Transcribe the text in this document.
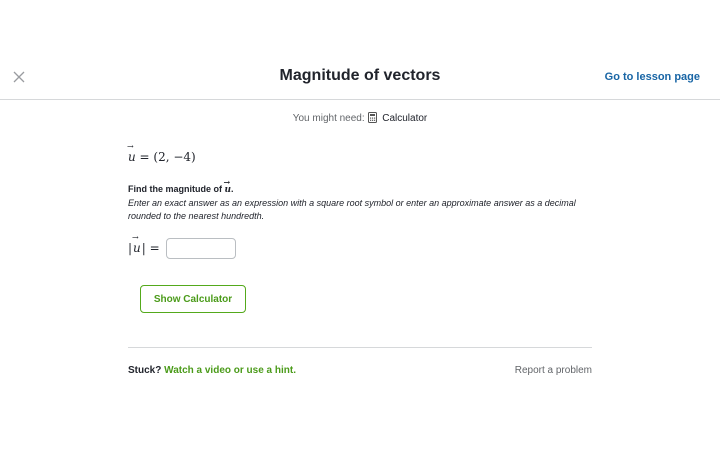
Magnitude of vectors	Go to lesson page
You might need: Calculator
→ u = (2, −4)
Find the magnitude of → u.
Enter an exact answer as an expression with a square root symbol or enter an approximate answer as a decimal rounded to the nearest hundredth.
|
→ u | =
Show Calculator
Stuck? Watch a video or use a hint.	Report a problem
